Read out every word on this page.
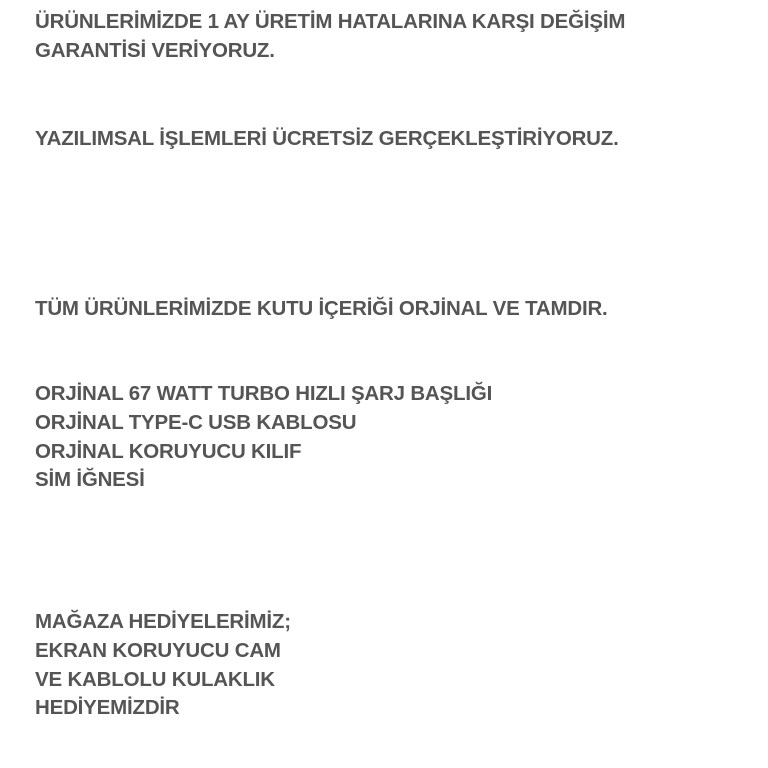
ÜRÜNLERİMİZDE 1 AY ÜRETİM HATALARINA KARŞI DEĞİŞİM
GARANTİSİ VERİYORUZ.
YAZILIMSAL İŞLEMLERİ ÜCRETSİZ GERÇEKLEŞTİRİYORUZ.
TÜM ÜRÜNLERİMİZDE KUTU İÇERİĞİ ORJİNAL VE TAMDIR.
ORJİNAL 67 WATT TURBO HIZLI ŞARJ BAŞLIĞI
ORJİNAL TYPE-C USB KABLOSU
ORJİNAL KORUYUCU KILIF
SİM İĞNESİ
MAĞAZA HEDİYELERİMİZ;
EKRAN KORUYUCU CAM
VE KABLOLU KULAKLIK
HEDİYEMİZDİR
